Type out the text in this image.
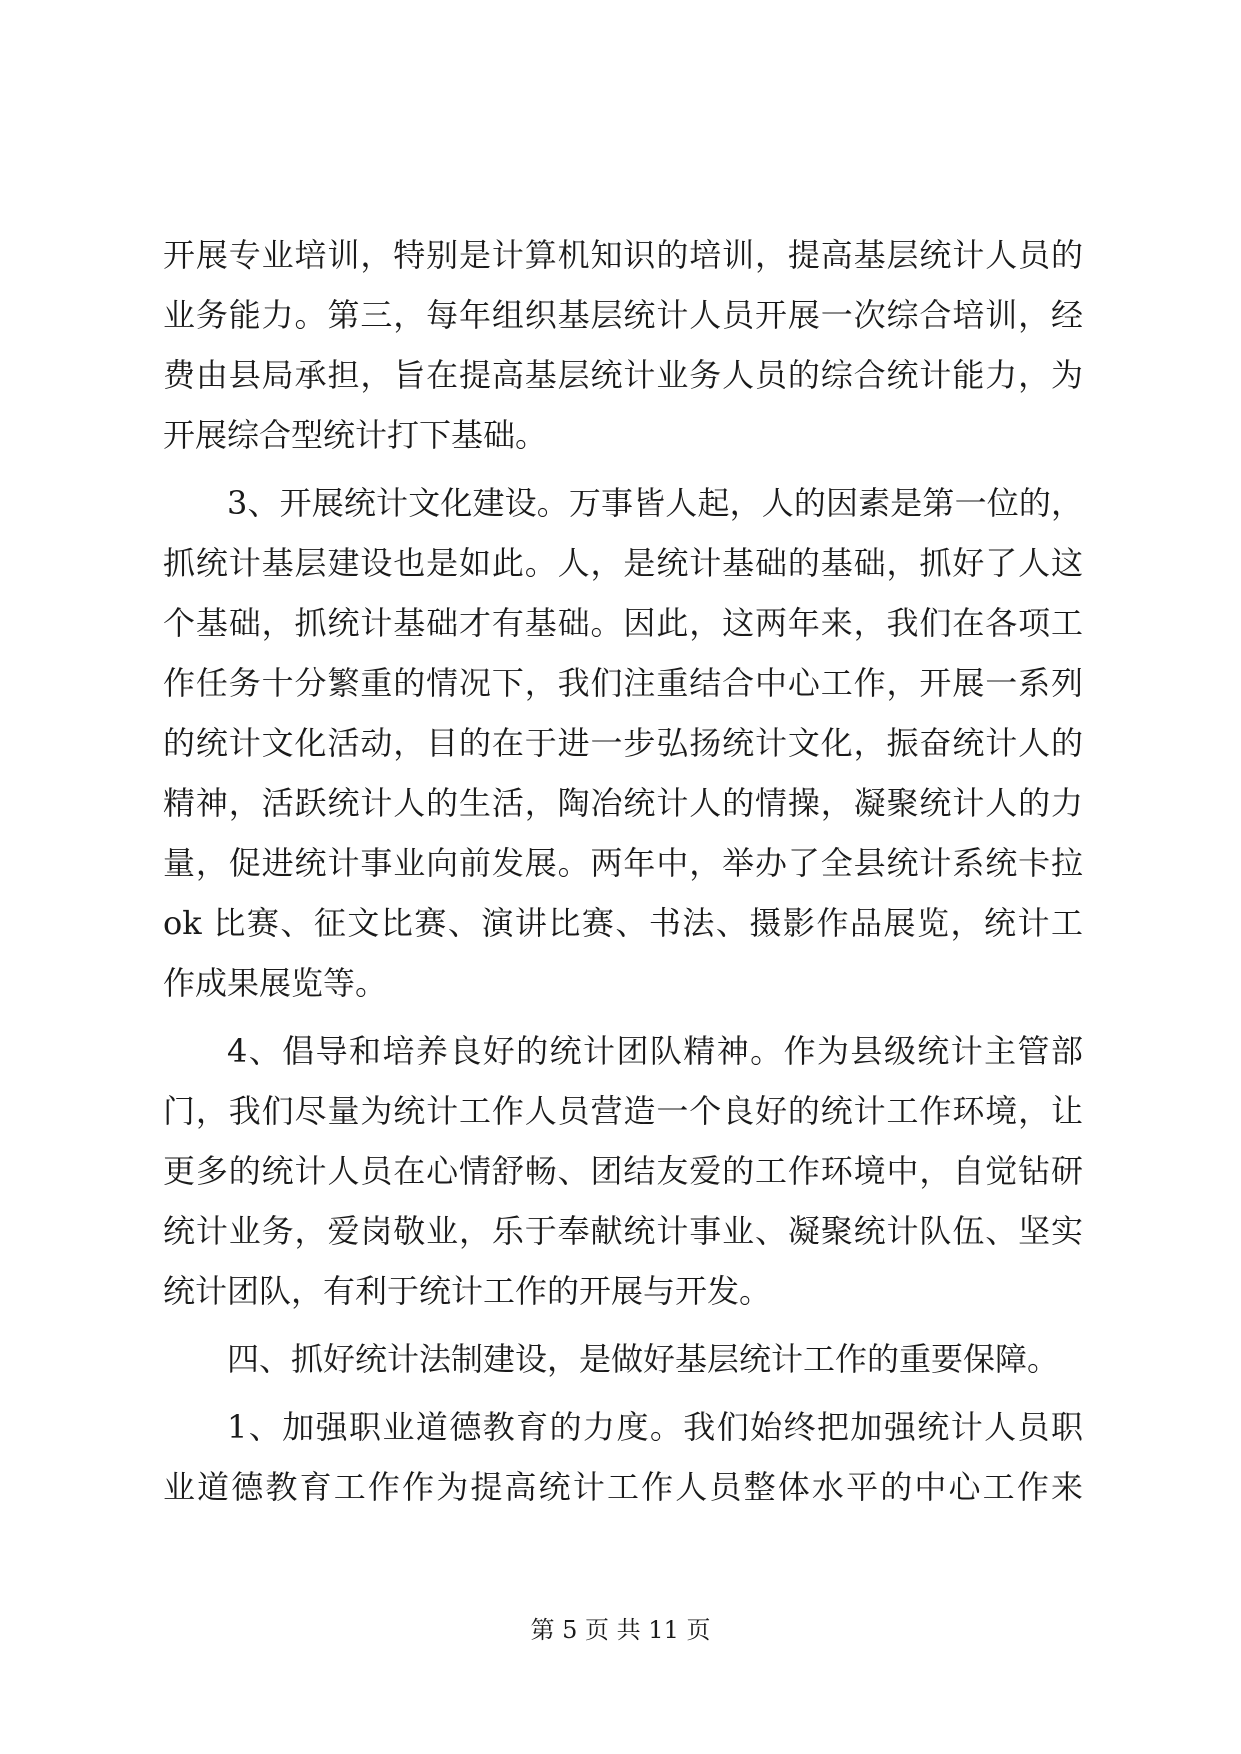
开展专业培训，特别是计算机知识的培训，提高基层统计人员的
业务能力。第三，每年组织基层统计人员开展一次综合培训，经
费由县局承担，旨在提高基层统计业务人员的综合统计能力，为
开展综合型统计打下基础。
3、开展统计文化建设。万事皆人起，人的因素是第一位的，
抓统计基层建设也是如此。人，是统计基础的基础，抓好了人这
个基础，抓统计基础才有基础。因此，这两年来，我们在各项工
作任务十分繁重的情况下，我们注重结合中心工作，开展一系列
的统计文化活动，目的在于进一步弘扬统计文化，振奋统计人的
精神，活跃统计人的生活，陶冶统计人的情操，凝聚统计人的力
量，促进统计事业向前发展。两年中，举办了全县统计系统卡拉
ok 比赛、征文比赛、演讲比赛、书法、摄影作品展览，统计工
作成果展览等。
4、倡导和培养良好的统计团队精神。作为县级统计主管部
门，我们尽量为统计工作人员营造一个良好的统计工作环境，让
更多的统计人员在心情舒畅、团结友爱的工作环境中，自觉钻研
统计业务，爱岗敬业，乐于奉献统计事业、凝聚统计队伍、坚实
统计团队，有利于统计工作的开展与开发。
四、抓好统计法制建设，是做好基层统计工作的重要保障。
1、加强职业道德教育的力度。我们始终把加强统计人员职
业道德教育工作作为提高统计工作人员整体水平的中心工作来
第 5 页 共 11 页
